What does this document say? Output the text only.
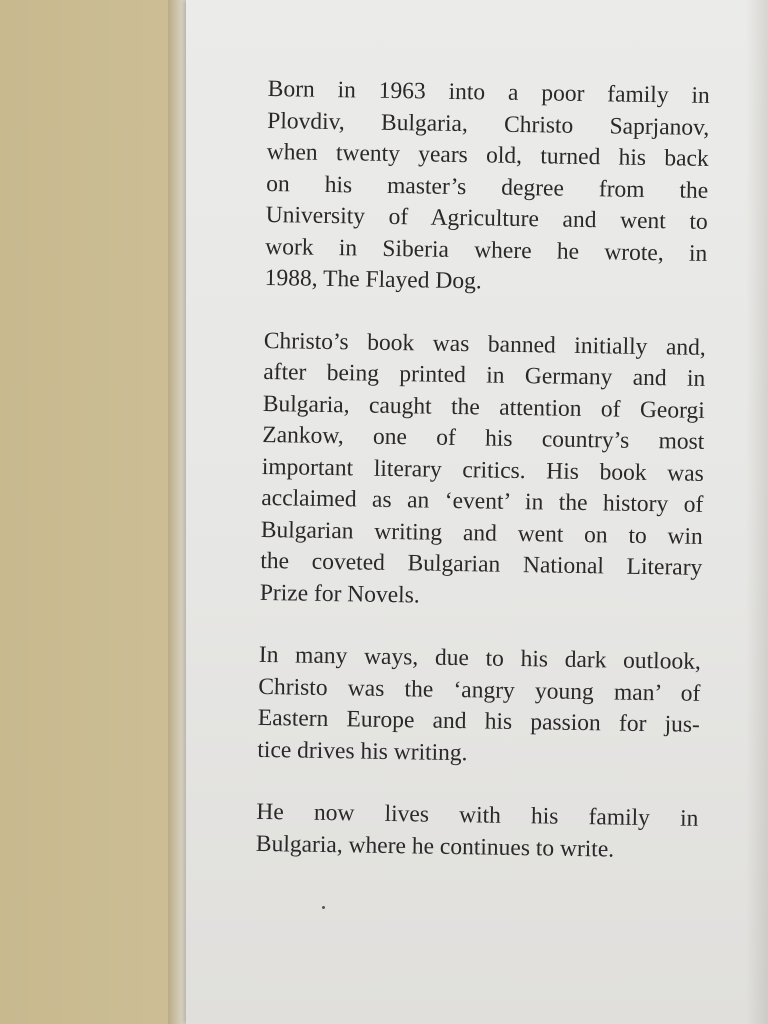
Born in 1963 into a poor family in
Plovdiv, Bulgaria, Christo Saprjanov,
when twenty years old, turned his back
on his master’s degree from the
University of Agriculture and went to
work in Siberia where he wrote, in
1988, The Flayed Dog.

Christo’s book was banned initially and,
after being printed in Germany and in
Bulgaria, caught the attention of Georgi
Zankow, one of his country’s most
important literary critics. His book was
acclaimed as an ‘event’ in the history of
Bulgarian writing and went on to win
the coveted Bulgarian National Literary
Prize for Novels.

In many ways, due to his dark outlook,
Christo was the ‘angry young man’ of
Eastern Europe and his passion for jus-
tice drives his writing.

He now lives with his family in
Bulgaria, where he continues to write.
